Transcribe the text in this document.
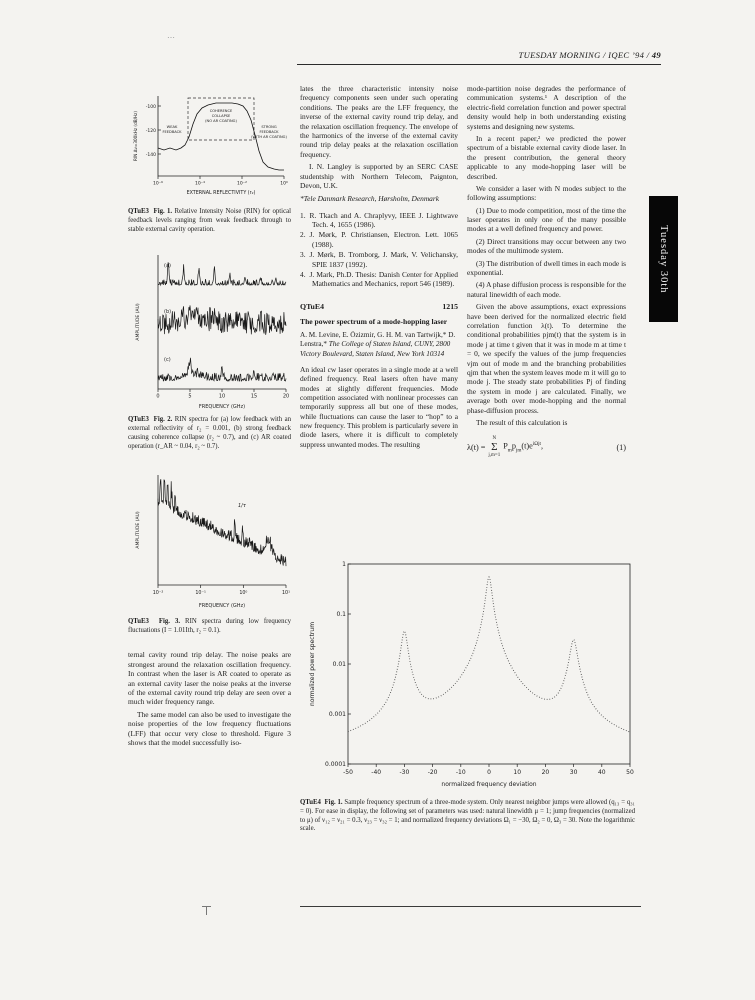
⋯
TUESDAY MORNING / IQEC ’94 / 49
Tuesday 30th
10⁻⁶	10⁻⁴	10⁻²	10⁰
-100
-120
-140
WEAK
FEEDBACK
COHERENCE
COLLAPSE
(NO AR COATING)
STRONG
FEEDBACK
(WITH AR COATING)
RIN Δν=300kHz (dB/Hz)
EXTERNAL REFLECTIVITY (r₂)

QTuE3  Fig. 1. Relative Intensity Noise (RIN) for optical feedback levels ranging from weak feedback through to stable external cavity operation.

0	5	10	15	20
(a)
(b)
(c)
AMPLITUDE (AU)
FREQUENCY (GHz)

QTuE3  Fig. 2. RIN spectra for (a) low feedback with an external reflectivity of r₂ = 0.001, (b) strong feedback causing coherence collapse (r₂ ~ 0.7), and (c) AR coated operation (r_AR ~ 0.04, r₂ ~ 0.7).

10⁻²	10⁻¹	10⁰	10¹
1/τ
AMPLITUDE (AU)
FREQUENCY (GHz)

QTuE3  Fig. 3. RIN spectra during low frequency fluctuations (I = 1.01Ith, r₂ = 0.1).

ternal cavity round trip delay. The noise peaks are strongest around the relaxation oscillation frequency. In contrast when the laser is AR coated to operate as an external cavity laser the noise peaks at the inverse of the external cavity round trip delay are seen over a much wider frequency range.

The same model can also be used to investigate the noise properties of the low frequency fluctuations (LFF) that occur very close to threshold. Figure 3 shows that the model successfully iso-

lates the three characteristic intensity noise frequency components seen under such operating conditions. The peaks are the LFF frequency, the inverse of the external cavity round trip delay, and the relaxation oscillation frequency. The envelope of the harmonics of the inverse of the external cavity round trip delay peaks at the relaxation oscillation frequency.

I. N. Langley is supported by an SERC CASE studentship with Northern Telecom, Paignton, Devon, U.K.

*Tele Danmark Research, Hørsholm, Denmark

1. R. Tkach and A. Chraplyvy, IEEE J. Lightwave Tech. 4, 1655 (1986).
2. J. Mørk, P. Christiansen, Electron. Lett. 1065 (1988).
3. J. Mørk, B. Tromborg, J. Mark, V. Velichansky, SPIE 1837 (1992).
4. J. Mark, Ph.D. Thesis: Danish Center for Applied Mathematics and Mechanics, report 546 (1989).
QTuE4	1215

The power spectrum of a mode-hopping laser

A. M. Levine, E. Özizmir, G. H. M. van Tartwijk,* D. Lenstra,* The College of Staten Island, CUNY, 2800 Victory Boulevard, Staten Island, New York 10314

An ideal cw laser operates in a single mode at a well defined frequency. Real lasers often have many modes at slightly different frequencies. Mode competition associated with nonlinear processes can temporarily suppress all but one of these modes, while fluctuations can cause the laser to “hop” to a new frequency. This problem is particularly severe in diode lasers, where it is difficult to completely suppress unwanted modes. The resulting

mode-partition noise degrades the performance of communication systems.¹ A description of the electric-field correlation function and power spectral density would help in both understanding existing systems and designing new systems.

In a recent paper,² we predicted the power spectrum of a bistable external cavity diode laser. In the present contribution, the general theory applicable to any mode-hopping laser will be described.

We consider a laser with N modes subject to the following assumptions:

(1) Due to mode competition, most of the time the laser operates in only one of the many possible modes at a well defined frequency and power.

(2) Direct transitions may occur between any two modes of the multimode system.

(3) The distribution of dwell times in each mode is exponential.

(4) A phase diffusion process is responsible for the natural linewidth of each mode.

Given the above assumptions, exact expressions have been derived for the normalized electric field correlation function λ(t). To determine the conditional probabilities pjm(t) that the system is in mode j at time t given that it was in mode m at time t = 0, we specify the values of the jump frequencies νjm out of mode m and the branching probabilities qjm that when the system leaves mode m it will go to mode j. The steady state probabilities Pj of finding the system in mode j are calculated. Finally, we average both over mode-hopping and the normal phase-diffusion process.

The result of this calculation is

λ(t) =
N
Σ
j,m=1
$P_mp_{jm}(t)e^{i\Omega jt}$,	(1)
-50	-40	-30	-20	-10	0	10	20	30	40	50
1
0.1
0.01
0.001
0.0001
normalized power spectrum
normalized frequency deviation

QTuE4  Fig. 1. Sample frequency spectrum of a three-mode system. Only nearest neighbor jumps were allowed (q₁₃ = q₃₁ = 0). For ease in display, the following set of parameters was used: natural linewidth μ = 1; jump frequencies (normalized to μ) of ν₁₂ = ν₂₁ = 0.3, ν₂₃ = ν₃₂ = 1; and normalized frequency deviations Ω₁ = −30, Ω₂ = 0, Ω₃ = 30. Note the logarithmic scale.
